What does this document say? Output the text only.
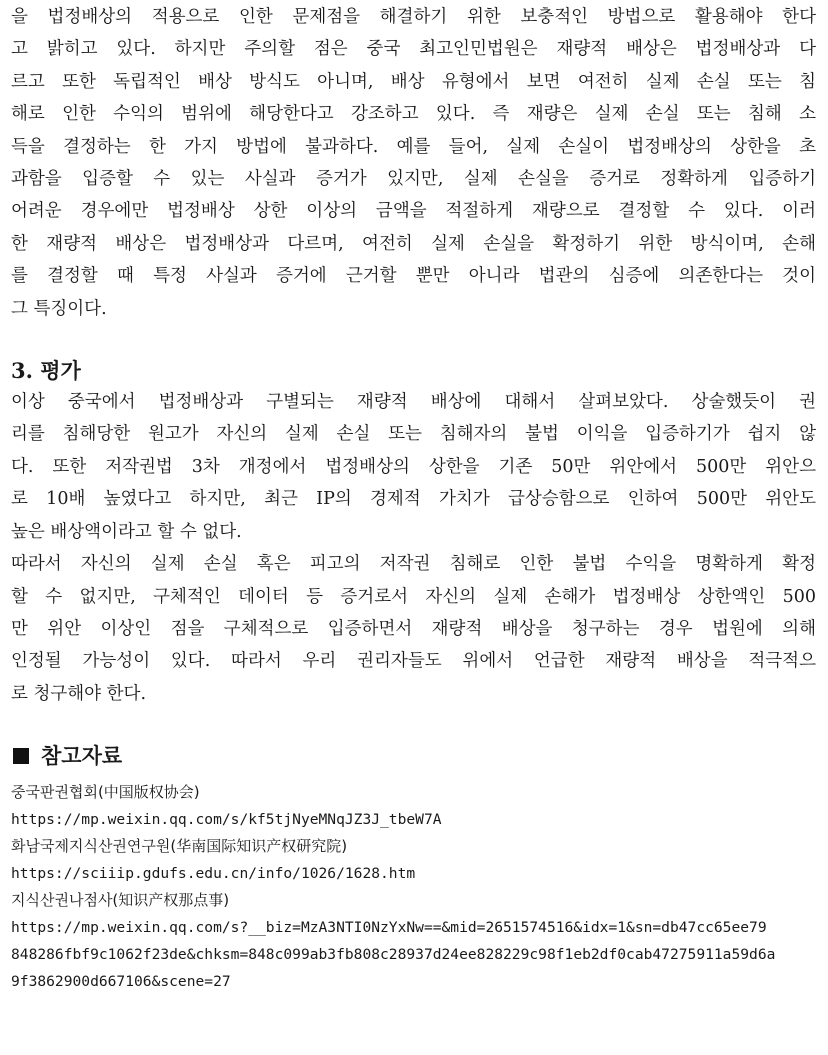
을 법정배상의 적용으로 인한 문제점을 해결하기 위한 보충적인 방법으로 활용해야 한다
고 밝히고 있다. 하지만 주의할 점은 중국 최고인민법원은 재량적 배상은 법정배상과 다
르고 또한 독립적인 배상 방식도 아니며, 배상 유형에서 보면 여전히 실제 손실 또는 침
해로 인한 수익의 범위에 해당한다고 강조하고 있다. 즉 재량은 실제 손실 또는 침해 소
득을 결정하는 한 가지 방법에 불과하다. 예를 들어, 실제 손실이 법정배상의 상한을 초
과함을 입증할 수 있는 사실과 증거가 있지만, 실제 손실을 증거로 정확하게 입증하기
어려운 경우에만 법정배상 상한 이상의 금액을 적절하게 재량으로 결정할 수 있다. 이러
한 재량적 배상은 법정배상과 다르며, 여전히 실제 손실을 확정하기 위한 방식이며, 손해
를 결정할 때 특정 사실과 증거에 근거할 뿐만 아니라 법관의 심증에 의존한다는 것이
그 특징이다.
3. 평가
이상 중국에서 법정배상과 구별되는 재량적 배상에 대해서 살펴보았다. 상술했듯이 권
리를 침해당한 원고가 자신의 실제 손실 또는 침해자의 불법 이익을 입증하기가 쉽지 않
다. 또한 저작권법 3차 개정에서 법정배상의 상한을 기존 50만 위안에서 500만 위안으
로 10배 높였다고 하지만, 최근 IP의 경제적 가치가 급상승함으로 인하여 500만 위안도
높은 배상액이라고 할 수 없다.
따라서 자신의 실제 손실 혹은 피고의 저작권 침해로 인한 불법 수익을 명확하게 확정
할 수 없지만, 구체적인 데이터 등 증거로서 자신의 실제 손해가 법정배상 상한액인 500
만 위안 이상인 점을 구체적으로 입증하면서 재량적 배상을 청구하는 경우 법원에 의해
인정될 가능성이 있다. 따라서 우리 권리자들도 위에서 언급한 재량적 배상을 적극적으
로 청구해야 한다.
참고자료
중국판권협회(中国版权协会)
https://mp.weixin.qq.com/s/kf5tjNyeMNqJZ3J_tbeW7A
화남국제지식산권연구원(华南国际知识产权研究院)
https://sciiip.gdufs.edu.cn/info/1026/1628.htm
지식산권나점사(知识产权那点事)
https://mp.weixin.qq.com/s?__biz=MzA3NTI0NzYxNw==&mid=2651574516&idx=1&sn=db47cc65ee79
848286fbf9c1062f23de&chksm=848c099ab3fb808c28937d24ee828229c98f1eb2df0cab47275911a59d6a
9f3862900d667106&scene=27
